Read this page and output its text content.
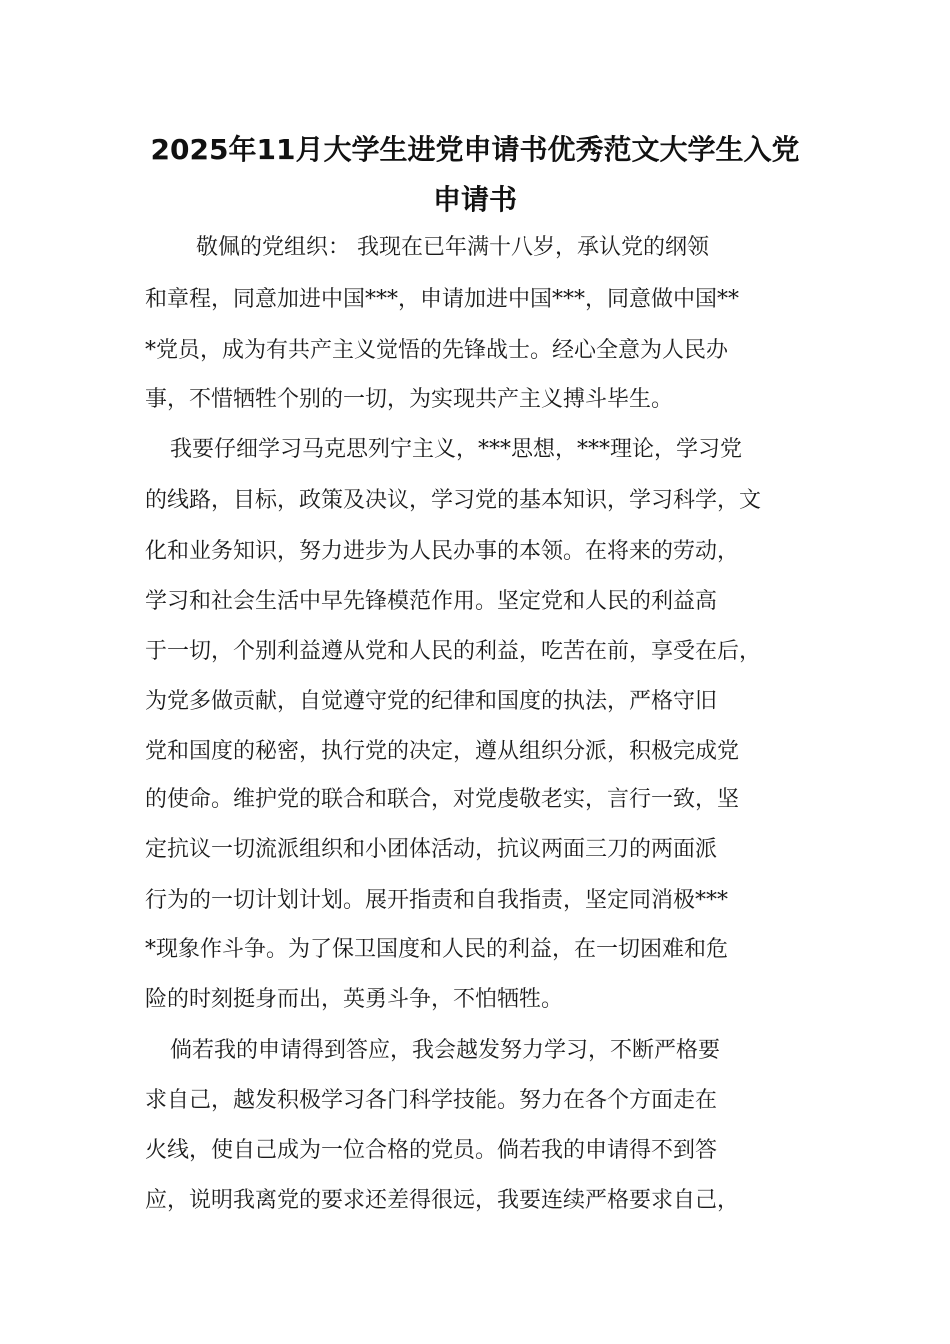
2025年11月大学生进党申请书优秀范文大学生入党
申请书
敬佩的党组织： 我现在已年满十八岁，承认党的纲领
和章程，同意加进中国***，申请加进中国***，同意做中国**
*党员，成为有共产主义觉悟的先锋战士。经心全意为人民办
事，不惜牺牲个别的一切，为实现共产主义搏斗毕生。
我要仔细学习马克思列宁主义，***思想，***理论，学习党
的线路，目标，政策及决议，学习党的基本知识，学习科学，文
化和业务知识，努力进步为人民办事的本领。在将来的劳动，
学习和社会生活中早先锋模范作用。坚定党和人民的利益高
于一切，个别利益遵从党和人民的利益，吃苦在前，享受在后，
为党多做贡献，自觉遵守党的纪律和国度的执法，严格守旧
党和国度的秘密，执行党的决定，遵从组织分派，积极完成党
的使命。维护党的联合和联合，对党虔敬老实，言行一致，坚
定抗议一切流派组织和小团体活动，抗议两面三刀的两面派
行为的一切计划计划。展开指责和自我指责，坚定同消极***
*现象作斗争。为了保卫国度和人民的利益，在一切困难和危
险的时刻挺身而出，英勇斗争，不怕牺牲。
倘若我的申请得到答应，我会越发努力学习，不断严格要
求自己，越发积极学习各门科学技能。努力在各个方面走在
火线，使自己成为一位合格的党员。倘若我的申请得不到答
应，说明我离党的要求还差得很远，我要连续严格要求自己，
